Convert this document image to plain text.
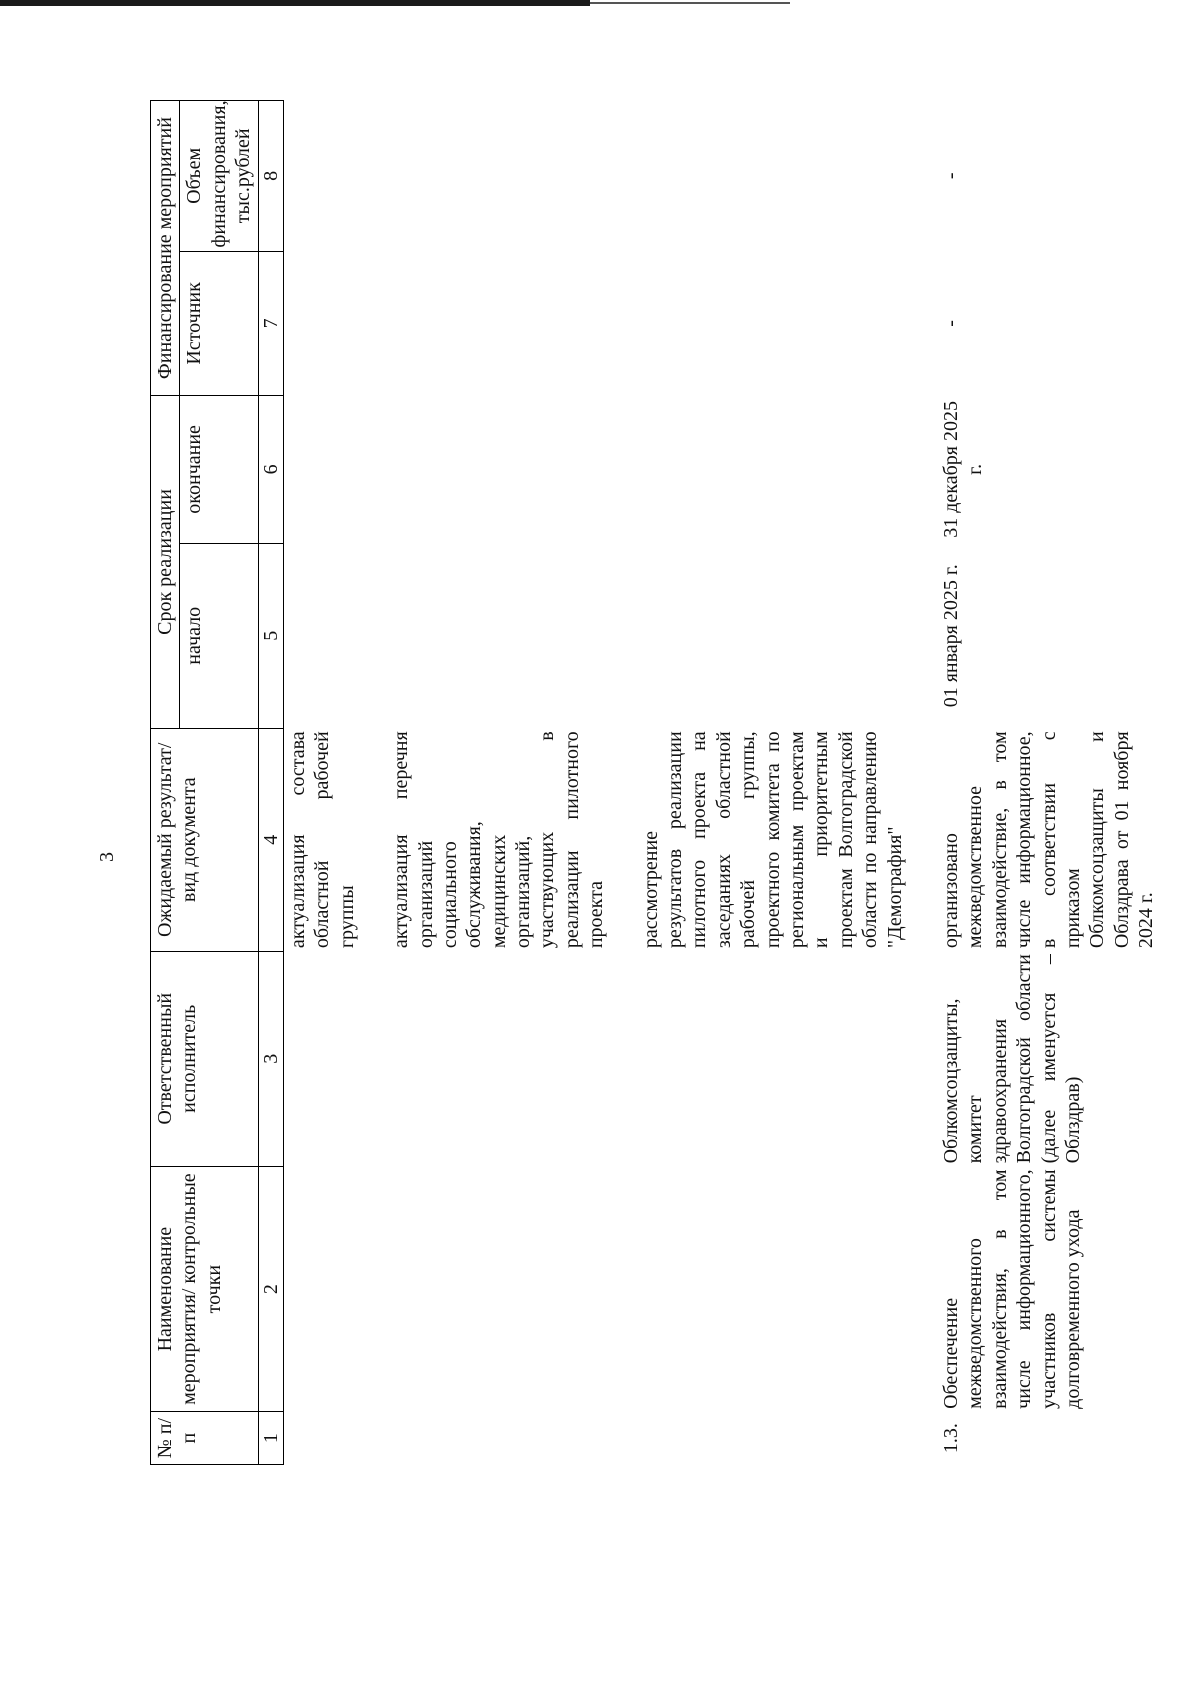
3
№ п/п	Наименование мероприятия/ контрольные точки	Ответственный исполнитель	Ожидаемый результат/ вид документа	Срок реализации		Финансирование мероприятий	
				начало	окончание	Источник	Объем финансирования, тыс.рублей
1	2	3	4	5	6	7	8

			актуализация состава областной рабочей группы актуализация перечня организаций социального обслуживания, медицинских организаций, участвующих в реализации пилотного проекта рассмотрение результатов реализации пилотного проекта на заседаниях областной рабочей группы, проектного комитета по региональным проектам и приоритетным проектам Волгоградской области по направлению "Демография"				

1.3.	Обеспечение межведомственного взаимодействия, в том числе информационного, участников системы долговременного ухода	Облкомсоцзащиты, комитет здравоохранения Волгоградской области (далее именуется – Облздрав)	организовано межведомственное взаимодействие, в том числе информационное, в соответствии с приказом Облкомсоцзащиты и Облздрава от 01 ноября 2024 г.	01 января 2025 г.	31 декабря 2025 г.	-	-
